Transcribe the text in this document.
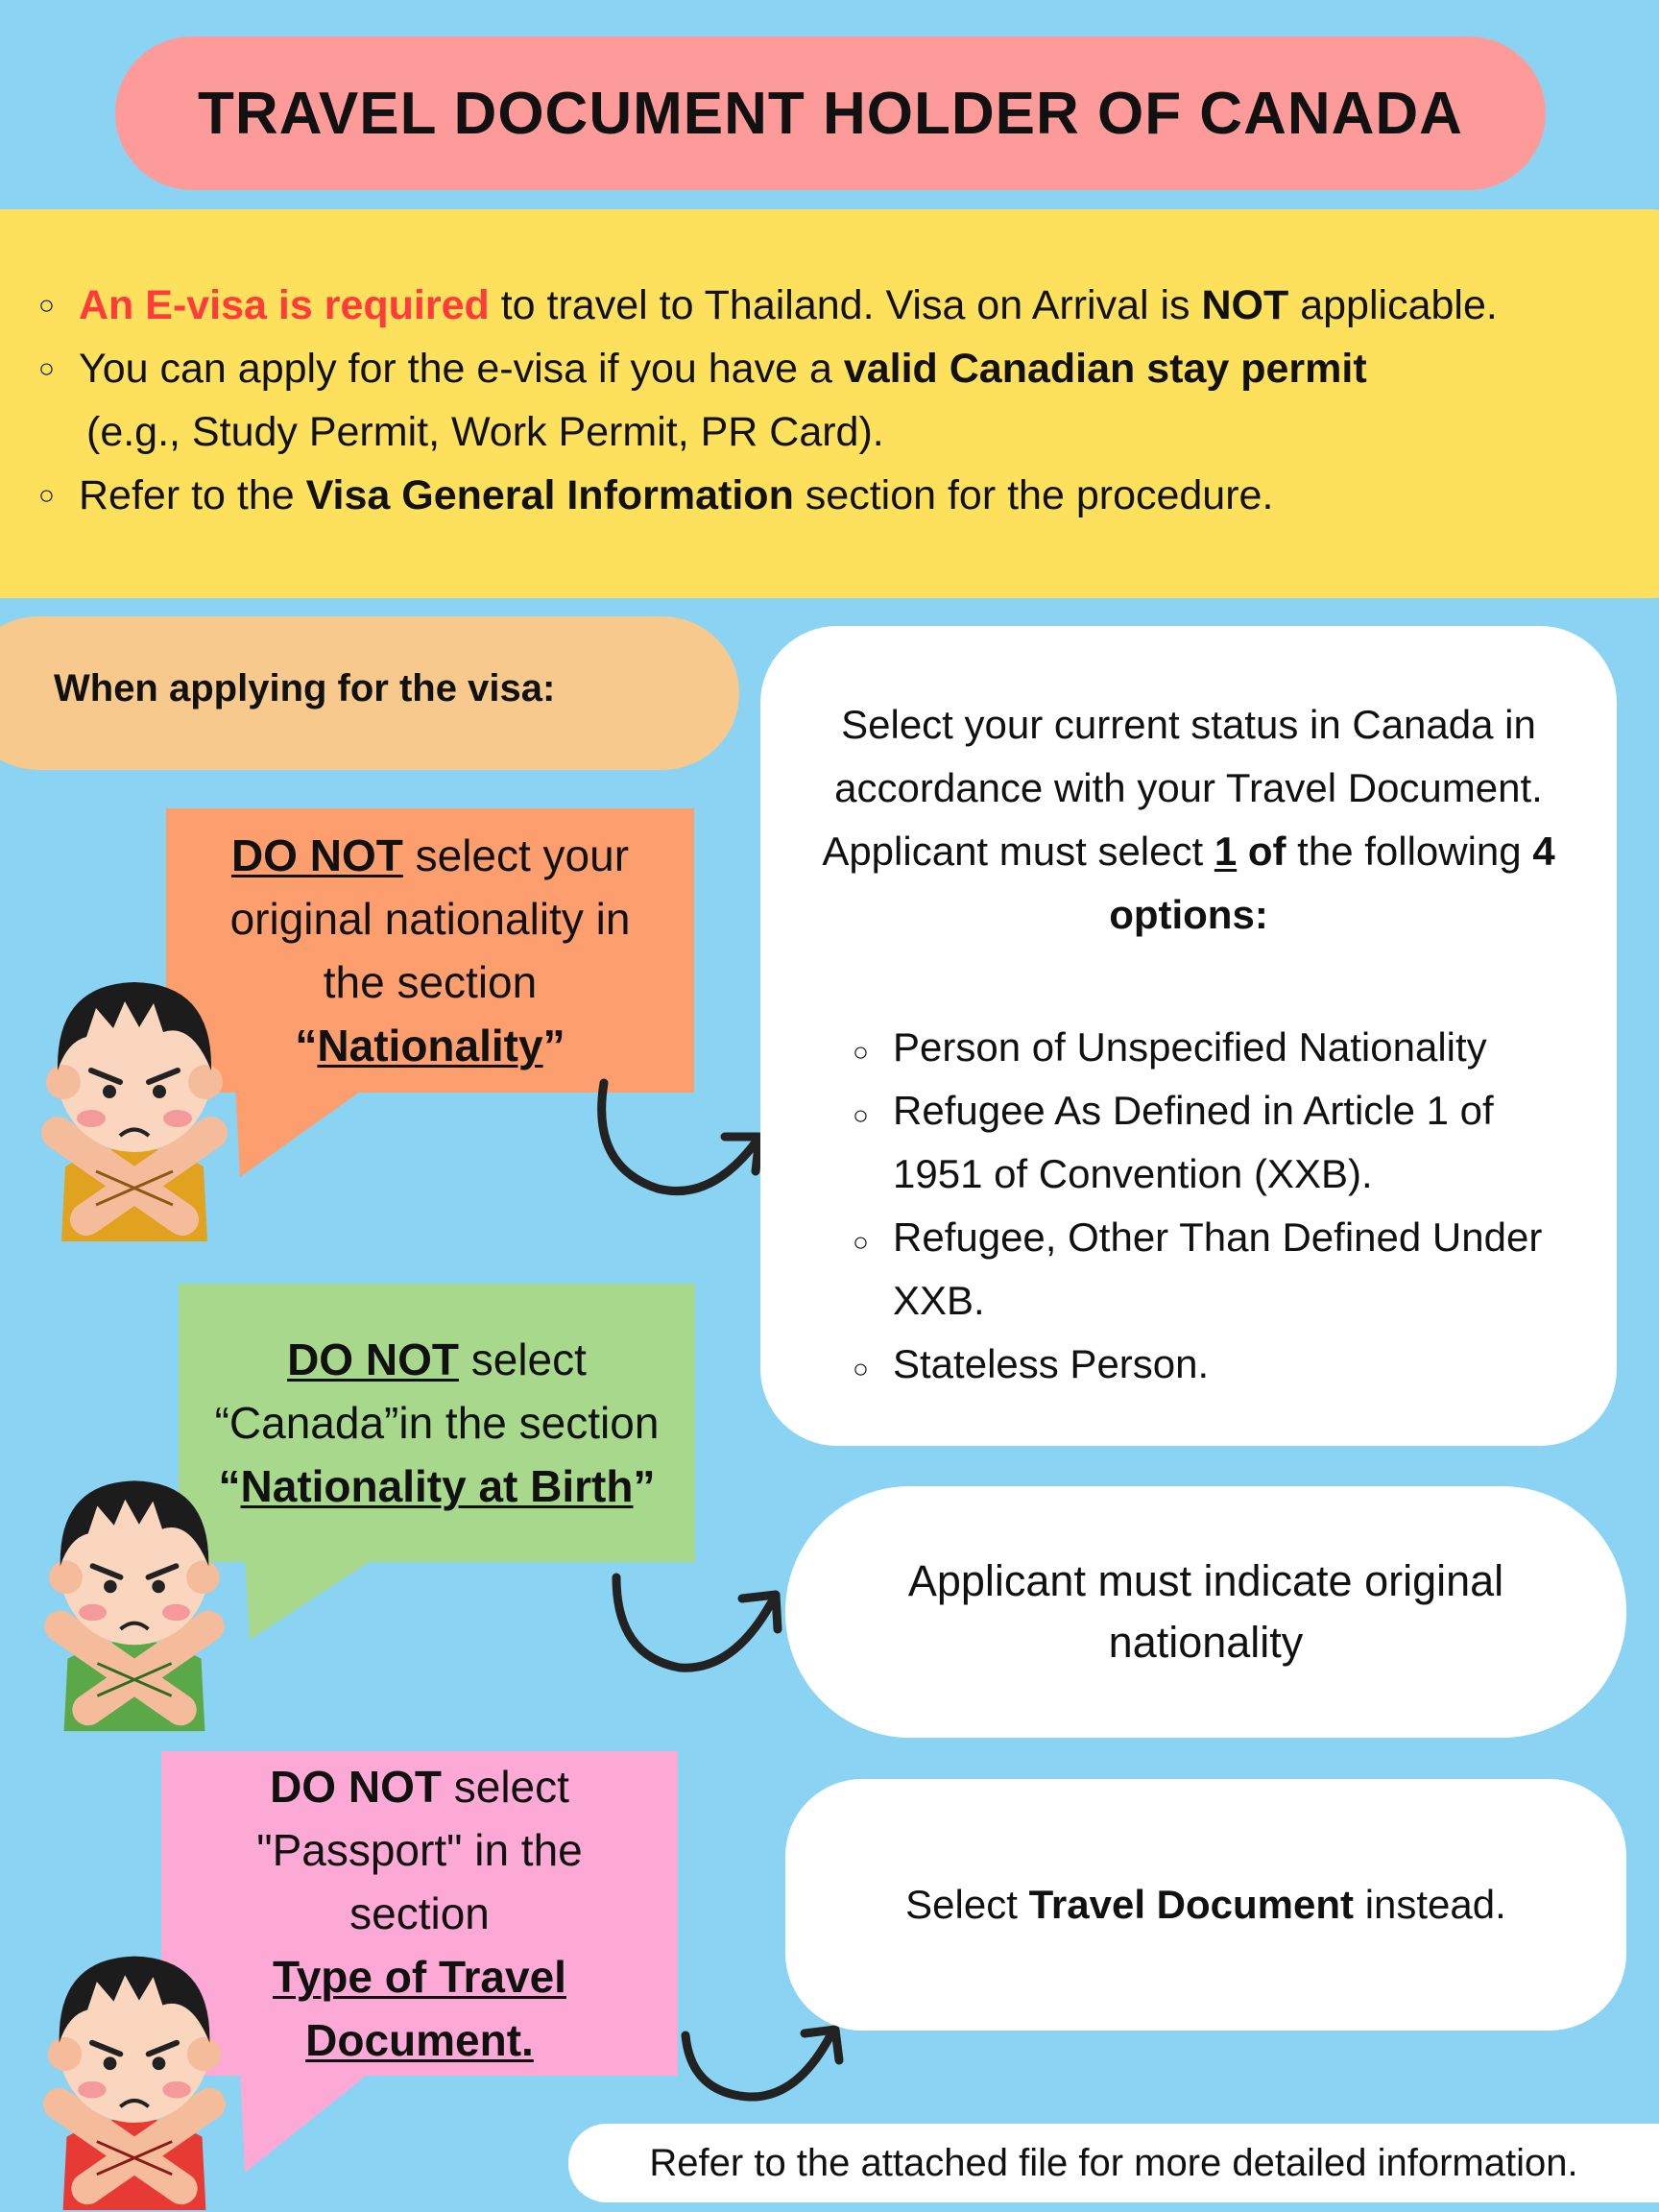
TRAVEL DOCUMENT HOLDER OF CANADA
○ An E-visa is required to travel to Thailand. Visa on Arrival is NOT applicable.
○ You can apply for the e-visa if you have a valid Canadian stay permit
(e.g., Study Permit, Work Permit, PR Card).
○ Refer to the Visa General Information section for the procedure.
When applying for the visa:
DO NOT select your
original nationality in
the section
“Nationality”
DO NOT select
“Canada”in the section
“Nationality at Birth”
DO NOT select
"Passport" in the
section
Type of Travel
Document.
Select your current status in Canada in
accordance with your Travel Document.
Applicant must select 1 of the following 4
options:
○ Person of Unspecified Nationality
○ Refugee As Defined in Article 1 of
1951 of Convention (XXB).
○ Refugee, Other Than Defined Under
XXB.
○ Stateless Person.
Applicant must indicate original
nationality
Select Travel Document instead.
Refer to the attached file for more detailed information.
